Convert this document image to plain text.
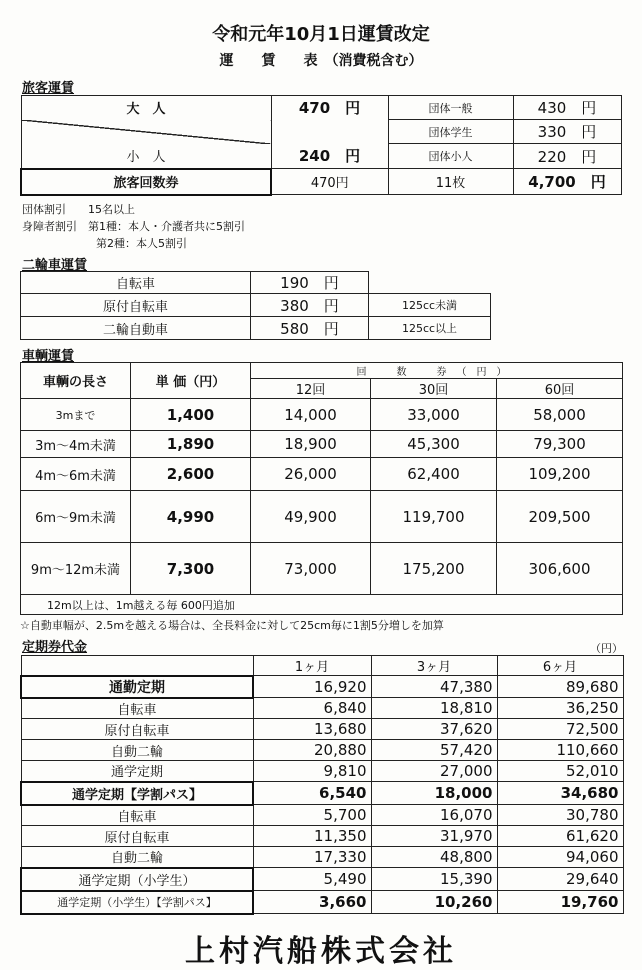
令和元年10月1日運賃改定
運　　賃　　表　（消費税含む）
旅客運賃
大　人	470　円	団体一般	430　円
		団体学生	330　円
小　人	240　円	団体小人	220　円
旅客回数券	470円	11枚	4,700　円
団体割引　　15名以上
身障者割引　第1種：本人・介護者共に5割引
第2種：本人5割引
二輪車運賃
自転車	190　円	
原付自転車	380　円	125cc未満
二輪自動車	580　円	125cc以上
車輌運賃
車輌の長さ	単 価（円）	回　数　券（円）		
		12回	30回	60回
3mまで	1,400	14,000	33,000	58,000
3m～4m未満	1,890	18,900	45,300	79,300
4m～6m未満	2,600	26,000	62,400	109,200
6m～9m未満	4,990	49,900	119,700	209,500
9m～12m未満	7,300	73,000	175,200	306,600
12m以上は、1m越える毎 600円追加				
☆自動車幅が、2.5mを越える場合は、全長料金に対して25cm毎に1割5分増しを加算
定期券代金	（円）
	1ヶ月	3ヶ月	6ヶ月
通勤定期	16,920	47,380	89,680
自転車	6,840	18,810	36,250
原付自転車	13,680	37,620	72,500
自動二輪	20,880	57,420	110,660
通学定期	9,810	27,000	52,010
通学定期【学割パス】	6,540	18,000	34,680
自転車	5,700	16,070	30,780
原付自転車	11,350	31,970	61,620
自動二輪	17,330	48,800	94,060
通学定期（小学生）	5,490	15,390	29,640
通学定期（小学生）【学割パス】	3,660	10,260	19,760
上村汽船株式会社
